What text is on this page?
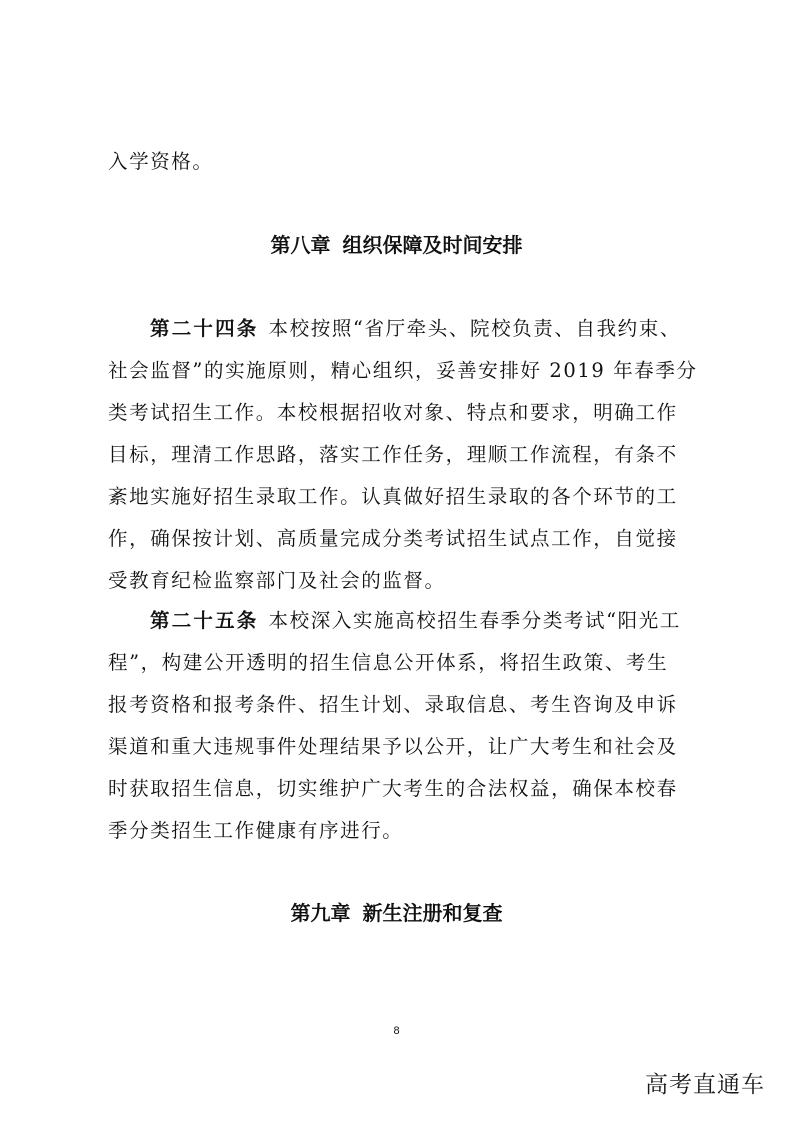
入学资格。
第八章 组织保障及时间安排
第二十四条 本校按照“省厅牵头、院校负责、自我约束、
社会监督”的实施原则，精心组织，妥善安排好 2019 年春季分
类考试招生工作。本校根据招收对象、特点和要求，明确工作
目标，理清工作思路，落实工作任务，理顺工作流程，有条不
紊地实施好招生录取工作。认真做好招生录取的各个环节的工
作，确保按计划、高质量完成分类考试招生试点工作，自觉接
受教育纪检监察部门及社会的监督。
第二十五条 本校深入实施高校招生春季分类考试“阳光工
程”，构建公开透明的招生信息公开体系，将招生政策、考生
报考资格和报考条件、招生计划、录取信息、考生咨询及申诉
渠道和重大违规事件处理结果予以公开，让广大考生和社会及
时获取招生信息，切实维护广大考生的合法权益，确保本校春
季分类招生工作健康有序进行。
第九章 新生注册和复查
8
高考直通车
